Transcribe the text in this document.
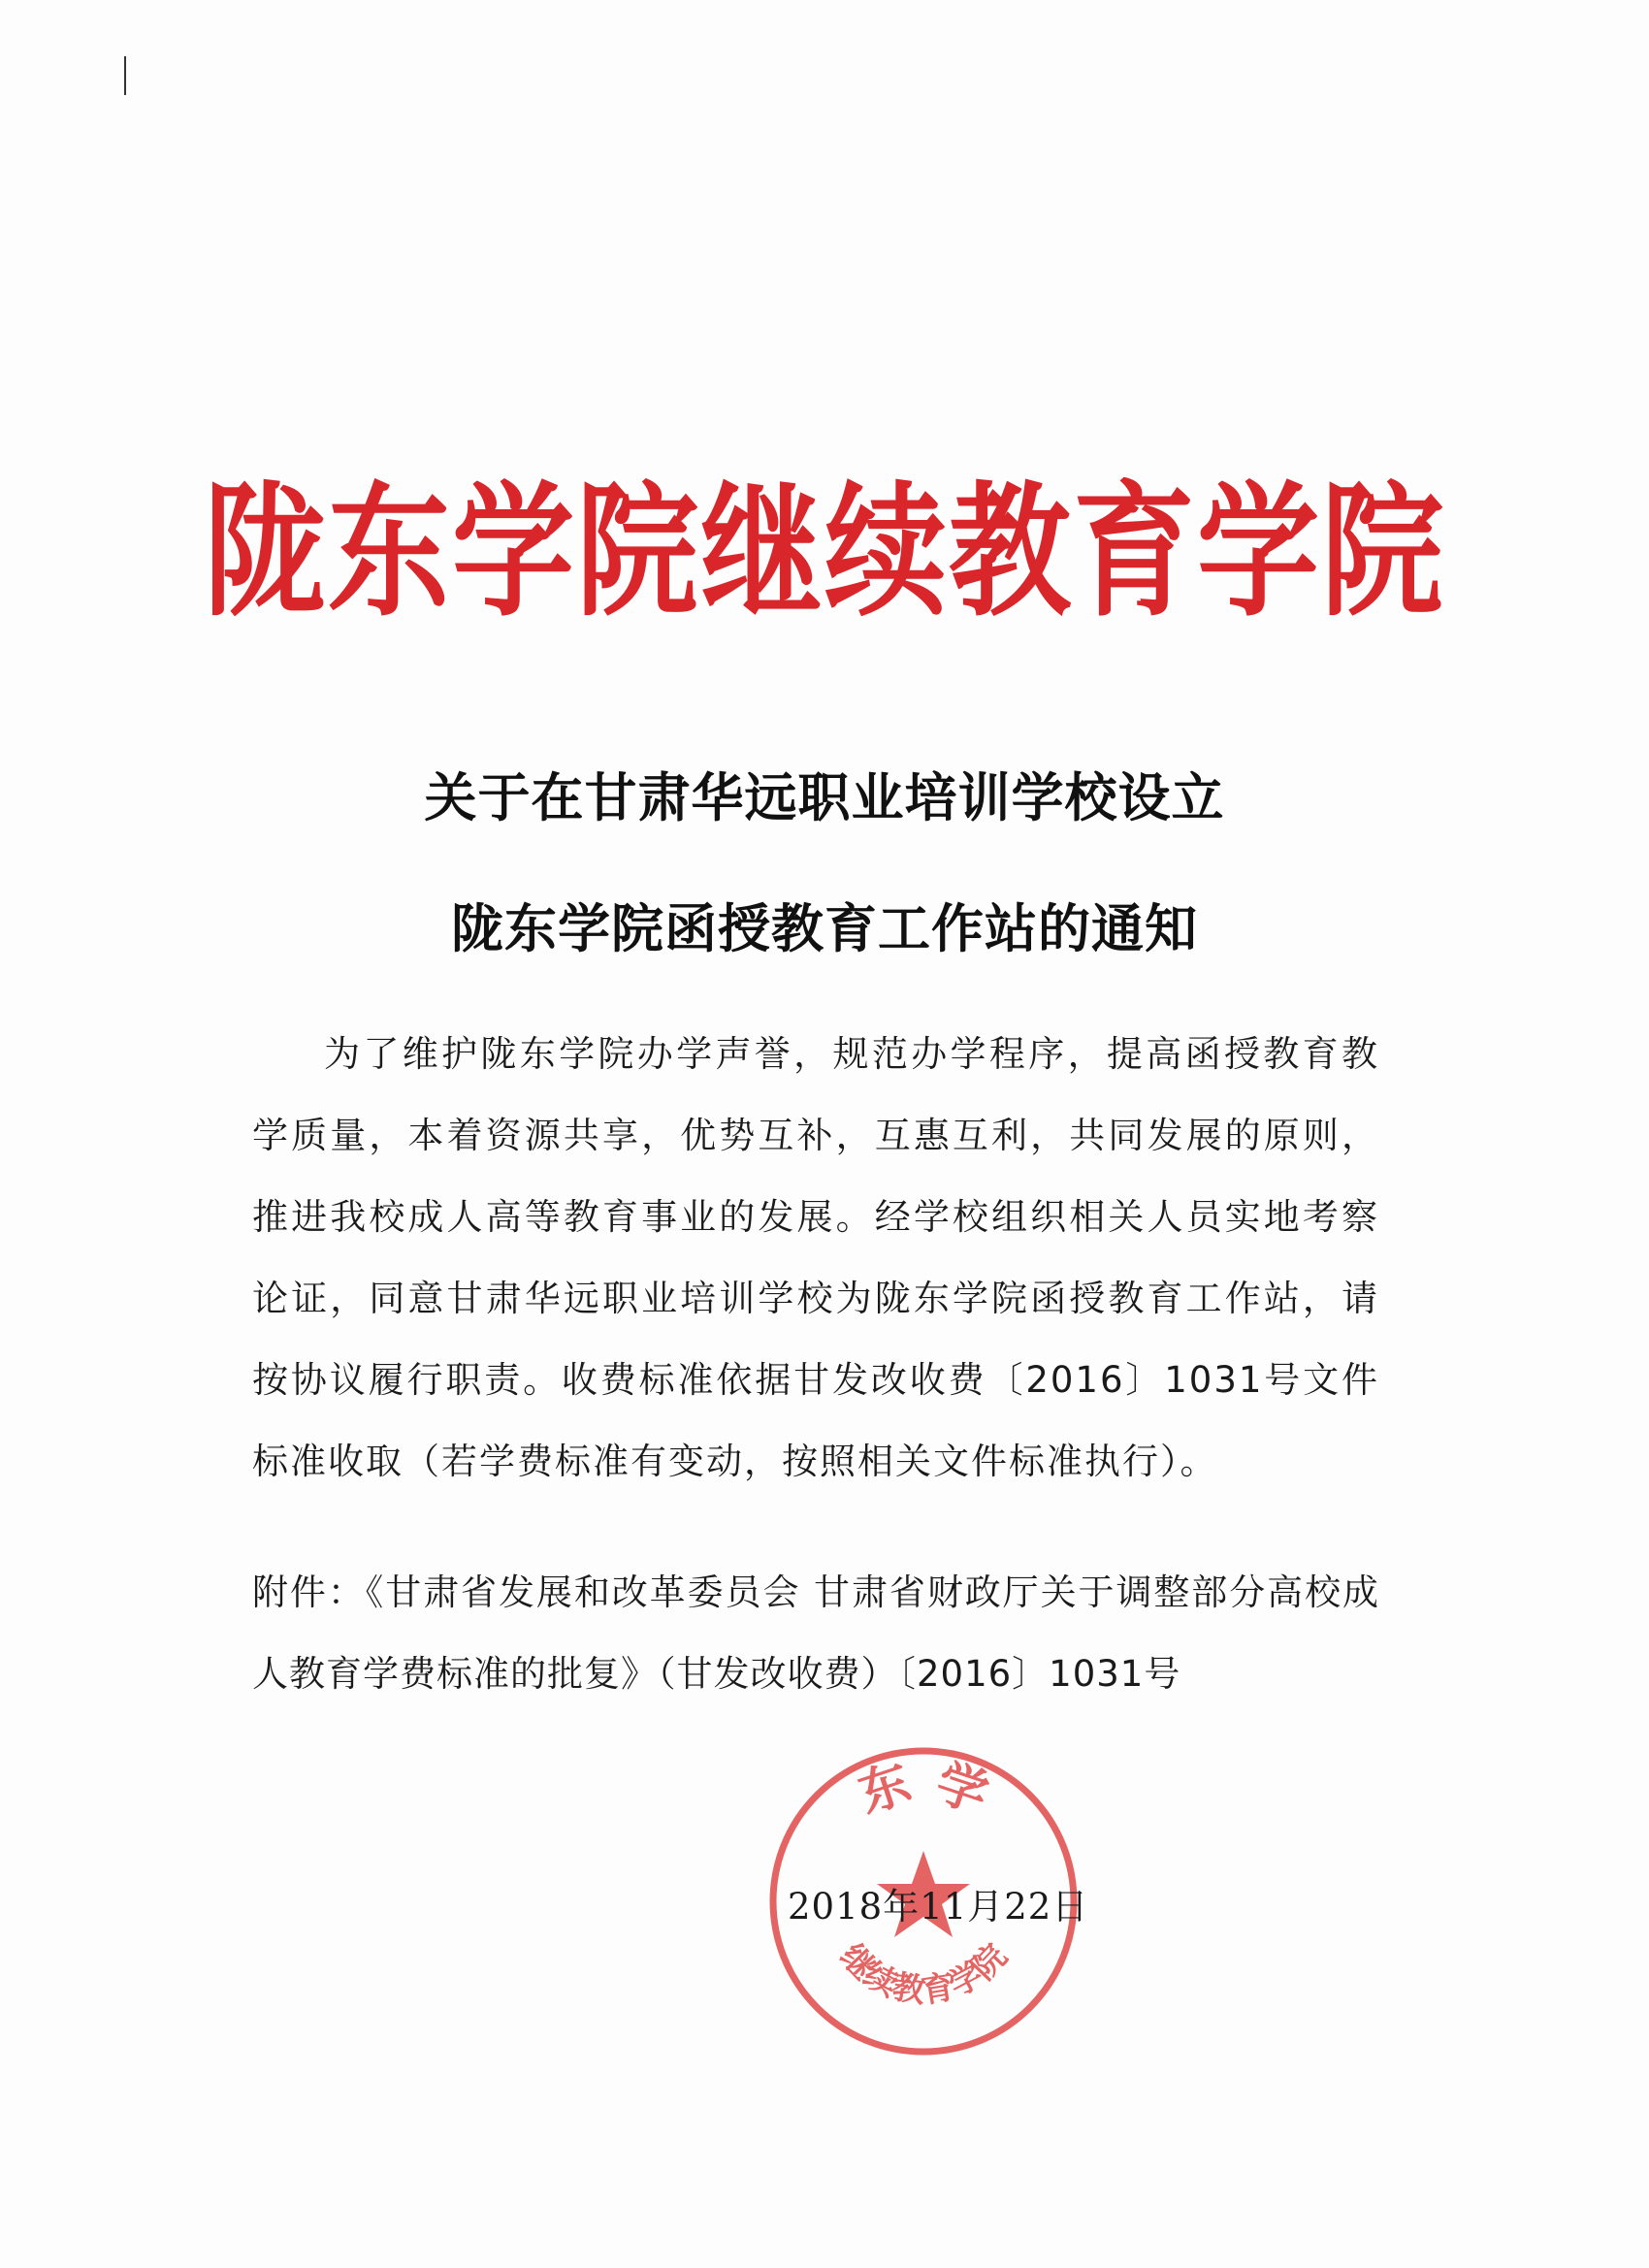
陇东学院继续教育学院
关于在甘肃华远职业培训学校设立
陇东学院函授教育工作站的通知
为了维护陇东学院办学声誉，规范办学程序，提高函授教育教学质量，本着资源共享，优势互补，互惠互利，共同发展的原则，推进我校成人高等教育事业的发展。经学校组织相关人员实地考察论证，同意甘肃华远职业培训学校为陇东学院函授教育工作站，请按协议履行职责。收费标准依据甘发改收费〔2016〕1031号文件标准收取（若学费标准有变动，按照相关文件标准执行）。
附件：《甘肃省发展和改革委员会 甘肃省财政厅关于调整部分高校成人教育学费标准的批复》（甘发改收费）〔2016〕1031号
东 学
继续教育学院
2018年11月22日
